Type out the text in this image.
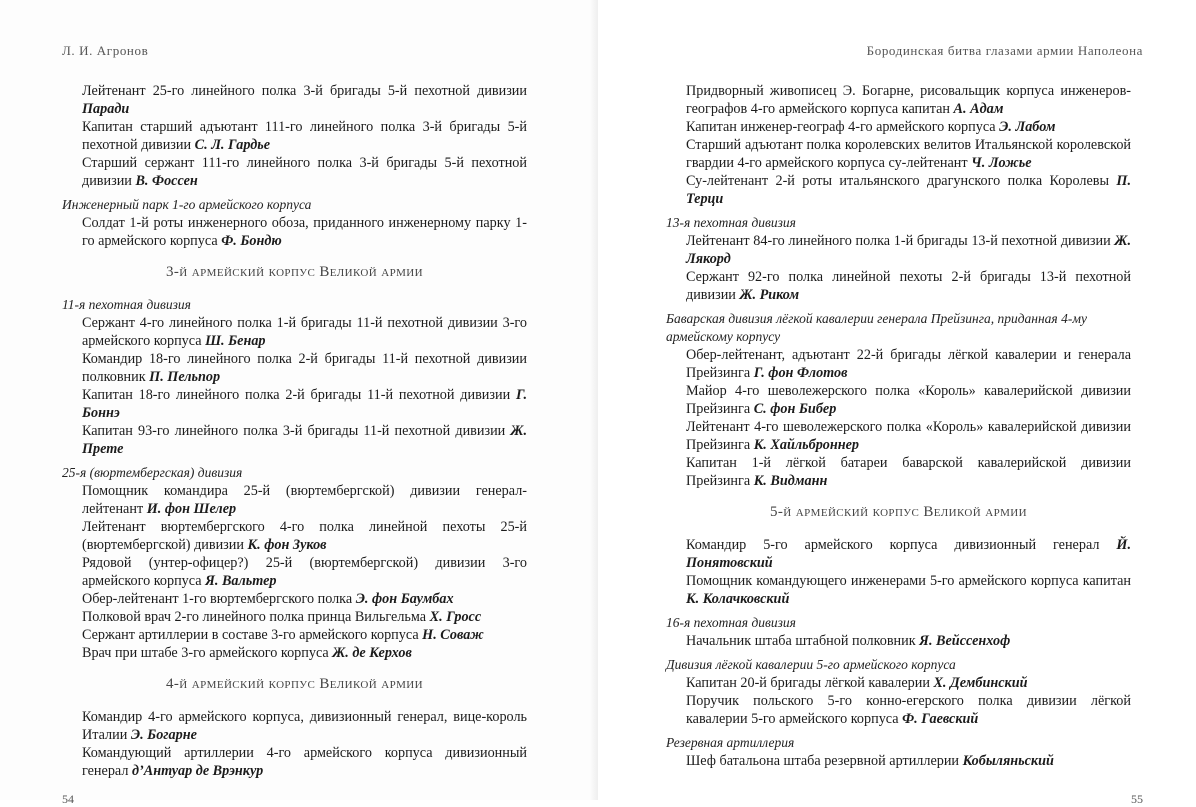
Л. И. Агронов
Лейтенант 25-го линейного полка 3-й бригады 5-й пехотной дивизии Паради
Капитан старший адъютант 111-го линейного полка 3-й бригады 5-й пехотной дивизии С. Л. Гардье
Старший сержант 111-го линейного полка 3-й бригады 5-й пехотной дивизии В. Фоссен
Инженерный парк 1-го армейского корпуса
Солдат 1-й роты инженерного обоза, приданного инженерному парку 1-го армейского корпуса Ф. Бондю
3-й армейский корпус Великой армии
11-я пехотная дивизия
Сержант 4-го линейного полка 1-й бригады 11-й пехотной дивизии 3-го армейского корпуса Ш. Бенар
Командир 18-го линейного полка 2-й бригады 11-й пехотной дивизии полковник П. Пельпор
Капитан 18-го линейного полка 2-й бригады 11-й пехотной дивизии Г. Боннэ
Капитан 93-го линейного полка 3-й бригады 11-й пехотной дивизии Ж. Прете
25-я (вюртембергская) дивизия
Помощник командира 25-й (вюртембергской) дивизии генерал-лейтенант И. фон Шелер
Лейтенант вюртембергского 4-го полка линейной пехоты 25-й (вюртембергской) дивизии К. фон Зуков
Рядовой (унтер-офицер?) 25-й (вюртембергской) дивизии 3-го армейского корпуса Я. Вальтер
Обер-лейтенант 1-го вюртембергского полка Э. фон Баумбах
Полковой врач 2-го линейного полка принца Вильгельма Х. Гросс
Сержант артиллерии в составе 3-го армейского корпуса Н. Соваж
Врач при штабе 3-го армейского корпуса Ж. де Керхов
4-й армейский корпус Великой армии
Командир 4-го армейского корпуса, дивизионный генерал, вице-король Италии Э. Богарне
Командующий артиллерии 4-го армейского корпуса дивизионный генерал д’Антуар де Врэнкур
54
Бородинская битва глазами армии Наполеона
Придворный живописец Э. Богарне, рисовальщик корпуса инженеров-географов 4-го армейского корпуса капитан А. Адам
Капитан инженер-географ 4-го армейского корпуса Э. Лабом
Старший адъютант полка королевских велитов Итальянской королевской гвардии 4-го армейского корпуса су-лейтенант Ч. Ложье
Су-лейтенант 2-й роты итальянского драгунского полка Королевы П. Терци
13-я пехотная дивизия
Лейтенант 84-го линейного полка 1-й бригады 13-й пехотной дивизии Ж. Лякорд
Сержант 92-го полка линейной пехоты 2-й бригады 13-й пехотной дивизии Ж. Риком
Баварская дивизия лёгкой кавалерии генерала Прейзинга, приданная 4-му армейскому корпусу
Обер-лейтенант, адъютант 22-й бригады лёгкой кавалерии и генерала Прейзинга Г. фон Флотов
Майор 4-го шеволежерского полка «Король» кавалерийской дивизии Прейзинга С. фон Бибер
Лейтенант 4-го шеволежерского полка «Король» кавалерийской дивизии Прейзинга К. Хайльброннер
Капитан 1-й лёгкой батареи баварской кавалерийской дивизии Прейзинга К. Видманн
5-й армейский корпус Великой армии
Командир 5-го армейского корпуса дивизионный генерал Й. Понятовский
Помощник командующего инженерами 5-го армейского корпуса капитан К. Колачковский
16-я пехотная дивизия
Начальник штаба штабной полковник Я. Вейссенхоф
Дивизия лёгкой кавалерии 5-го армейского корпуса
Капитан 20-й бригады лёгкой кавалерии Х. Дембинский
Поручик польского 5-го конно-егерского полка дивизии лёгкой кавалерии 5-го армейского корпуса Ф. Гаевский
Резервная артиллерия
Шеф батальона штаба резервной артиллерии Кобыляньский
55
